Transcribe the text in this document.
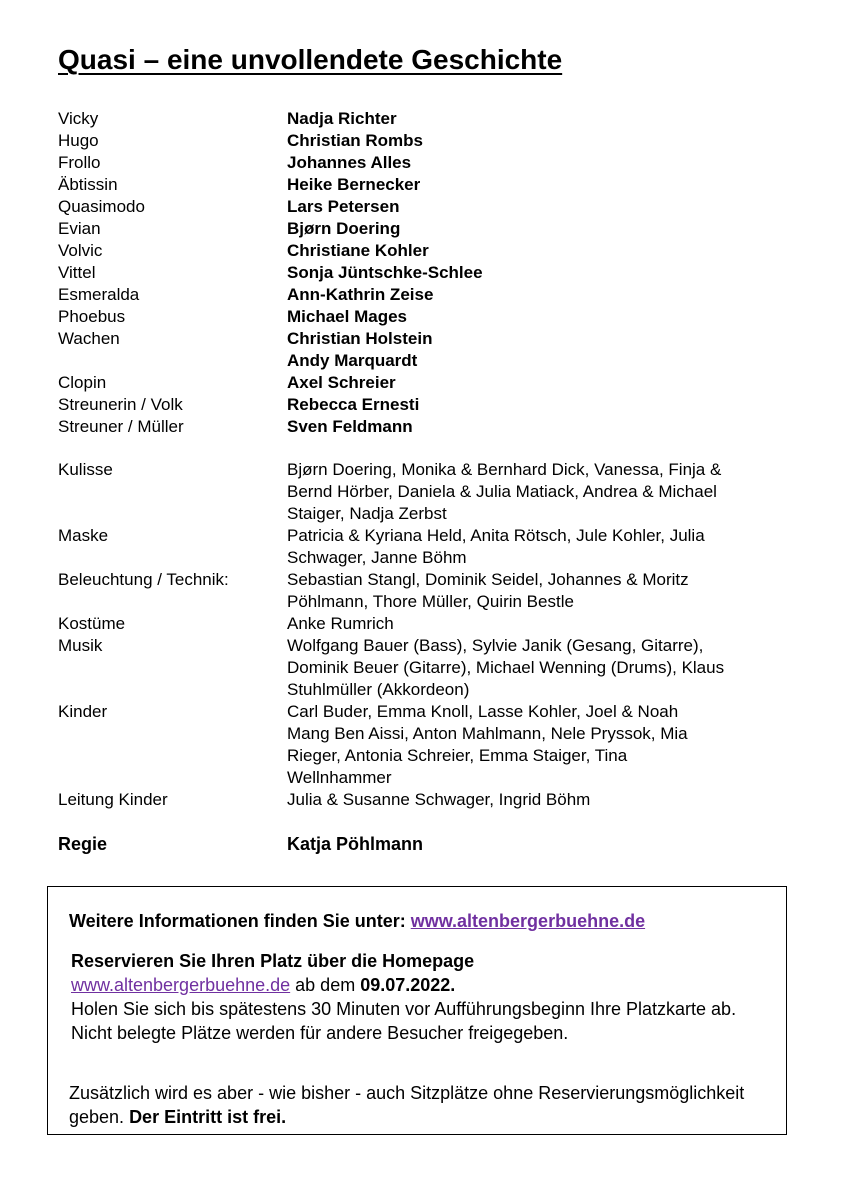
Quasi – eine unvollendete Geschichte
Vicky	Nadja Richter
Hugo	Christian Rombs
Frollo	Johannes Alles
Äbtissin	Heike Bernecker
Quasimodo	Lars Petersen
Evian	Bjørn Doering
Volvic	Christiane Kohler
Vittel	Sonja Jüntschke-Schlee
Esmeralda	Ann-Kathrin Zeise
Phoebus	Michael Mages
Wachen	Christian Holstein
Andy Marquardt
Clopin	Axel Schreier
Streunerin / Volk	Rebecca Ernesti
Streuner / Müller	Sven Feldmann
Kulisse	Bjørn Doering, Monika & Bernhard Dick, Vanessa, Finja &
Bernd Hörber, Daniela & Julia Matiack, Andrea & Michael
Staiger, Nadja Zerbst
Maske	Patricia & Kyriana Held, Anita Rötsch, Jule Kohler, Julia
Schwager, Janne Böhm
Beleuchtung / Technik:	Sebastian Stangl, Dominik Seidel, Johannes & Moritz
Pöhlmann, Thore Müller, Quirin Bestle
Kostüme	Anke Rumrich
Musik	Wolfgang Bauer (Bass), Sylvie Janik (Gesang, Gitarre),
Dominik Beuer (Gitarre), Michael Wenning (Drums), Klaus
Stuhlmüller (Akkordeon)
Kinder	Carl Buder, Emma Knoll, Lasse Kohler, Joel & Noah
Mang Ben Aissi, Anton Mahlmann, Nele Pryssok, Mia
Rieger, Antonia Schreier, Emma Staiger, Tina
Wellnhammer
Leitung Kinder	Julia & Susanne Schwager, Ingrid Böhm
Regie	Katja Pöhlmann
Weitere Informationen finden Sie unter: www.altenbergerbuehne.de
Reservieren Sie Ihren Platz über die Homepage
www.altenbergerbuehne.de ab dem 09.07.2022.
Holen Sie sich bis spätestens 30 Minuten vor Aufführungsbeginn Ihre Platzkarte ab. Nicht belegte Plätze werden für andere Besucher freigegeben.
Zusätzlich wird es aber - wie bisher - auch Sitzplätze ohne Reservierungsmöglichkeit geben. Der Eintritt ist frei.
